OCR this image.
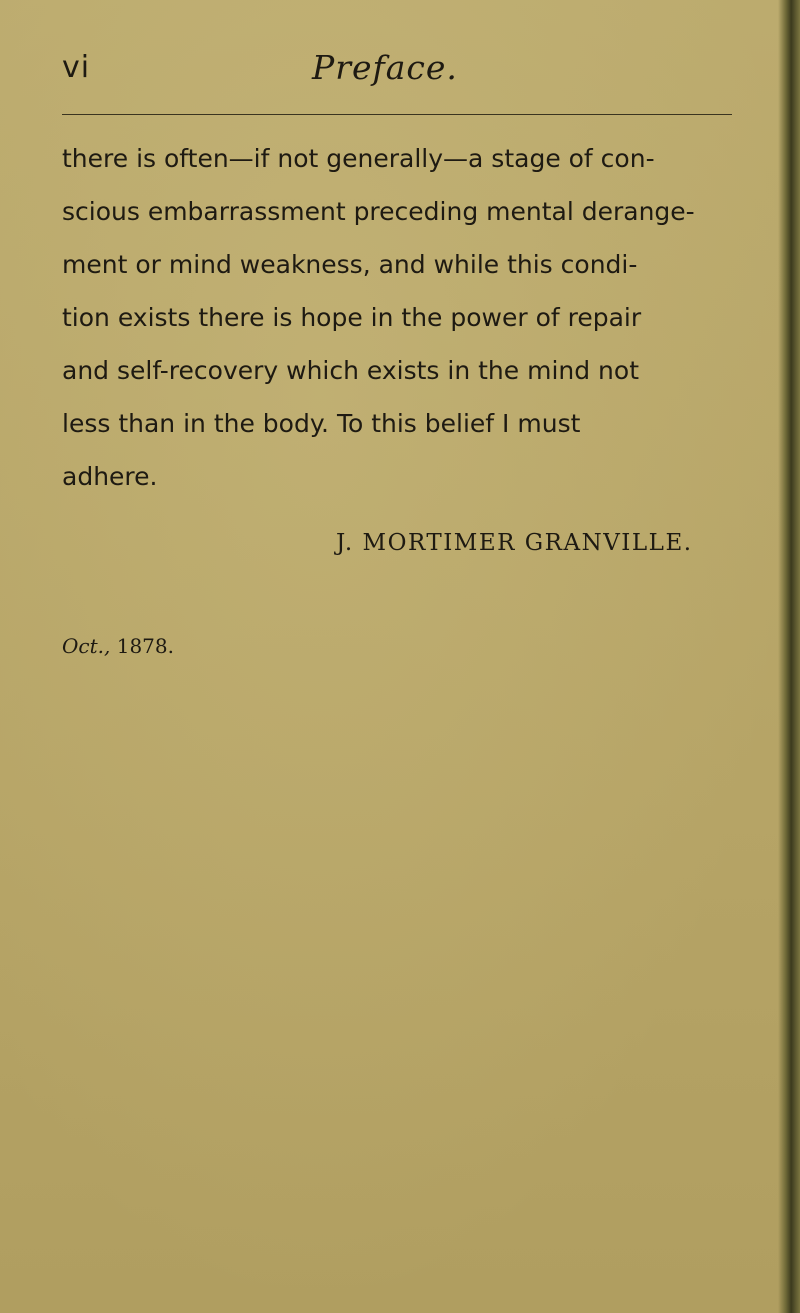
vi	Preface.

there is often—if not generally—a stage of con-
scious embarrassment preceding mental derange-
ment or mind weakness, and while this condi-
tion exists there is hope in the power of repair
and self-recovery which exists in the mind not
less than in the body. To this belief I must
adhere.

J. MORTIMER GRANVILLE.
Oct., 1878.
